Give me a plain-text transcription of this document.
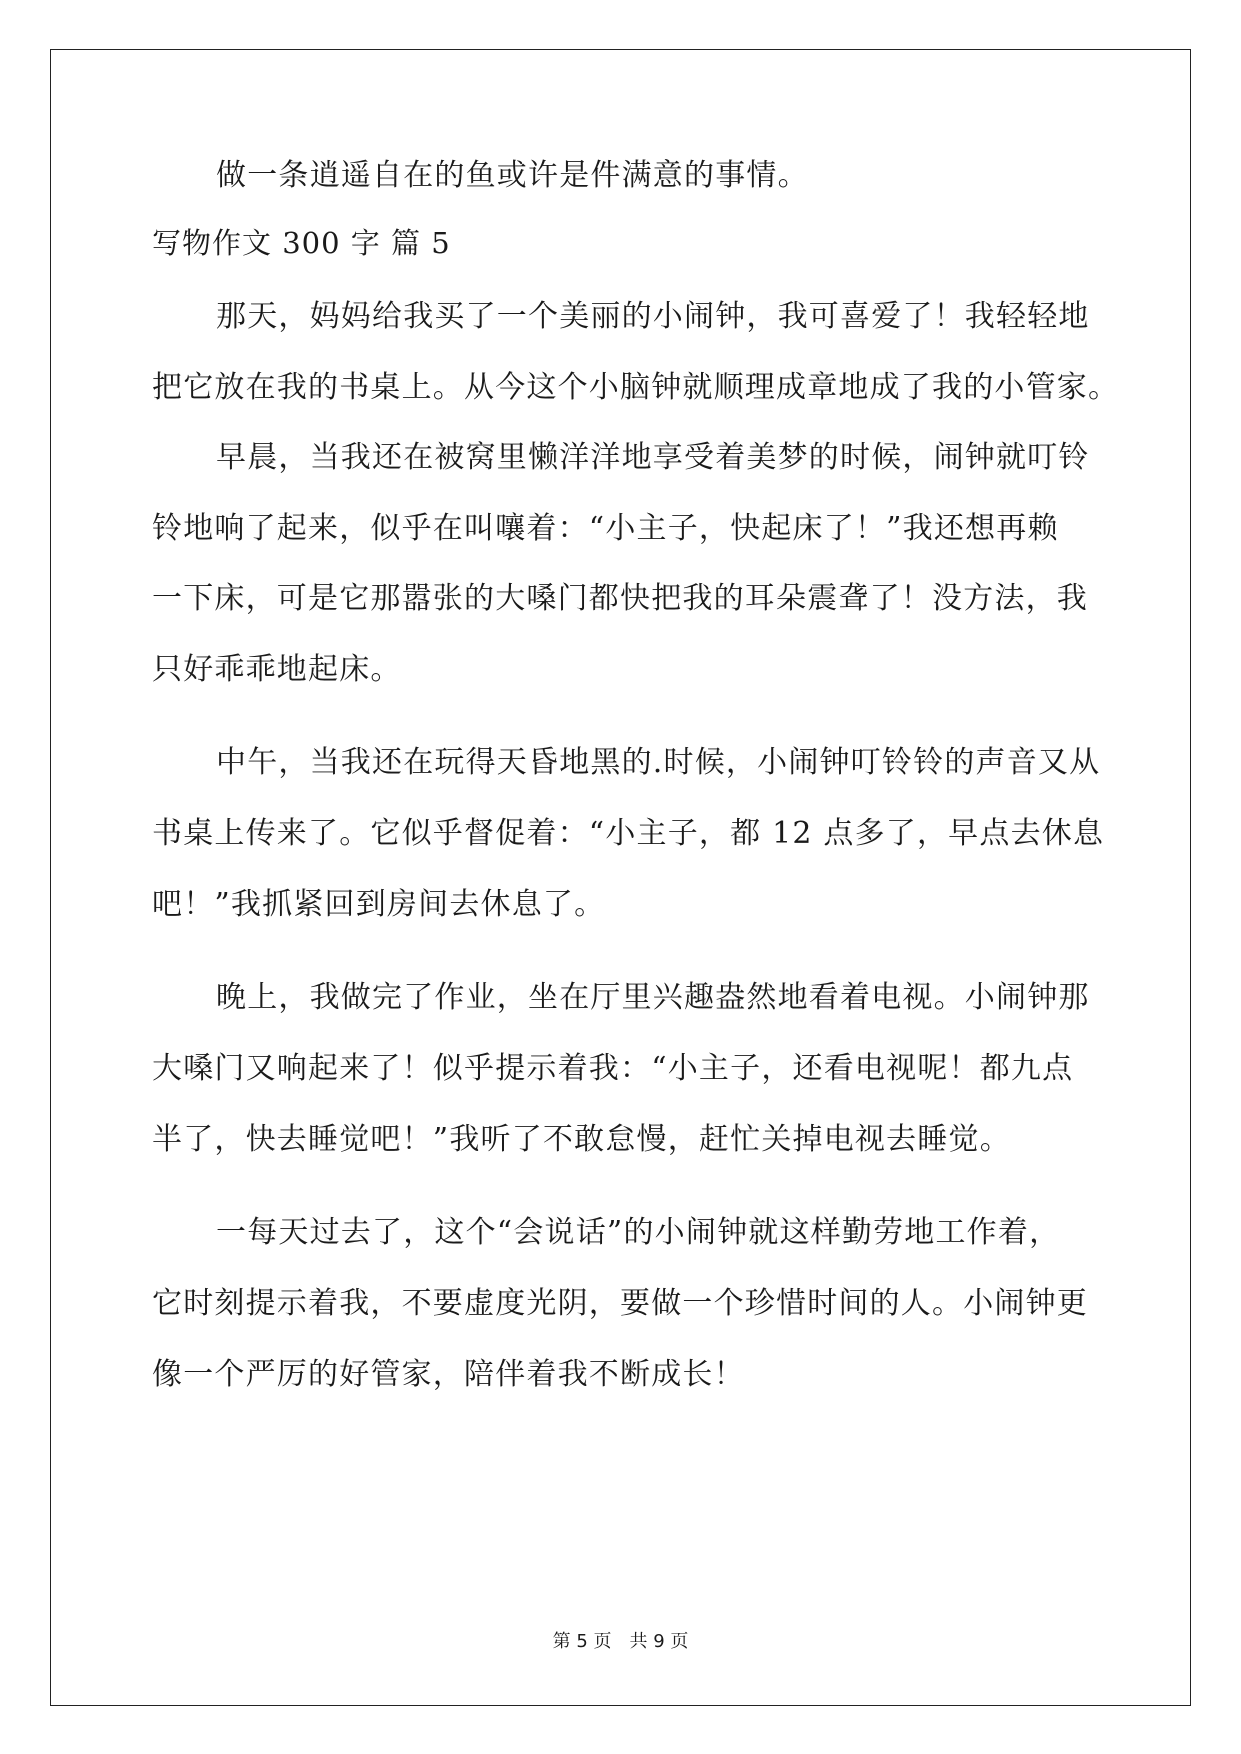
做一条逍遥自在的鱼或许是件满意的事情。
写物作文 300 字 篇 5
那天，妈妈给我买了一个美丽的小闹钟，我可喜爱了！我轻轻地
把它放在我的书桌上。从今这个小脑钟就顺理成章地成了我的小管家。
早晨，当我还在被窝里懒洋洋地享受着美梦的时候，闹钟就叮铃
铃地响了起来，似乎在叫嚷着：“小主子，快起床了！”我还想再赖
一下床，可是它那嚣张的大嗓门都快把我的耳朵震聋了！没方法，我
只好乖乖地起床。
中午，当我还在玩得天昏地黑的.时候，小闹钟叮铃铃的声音又从
书桌上传来了。它似乎督促着：“小主子，都 12 点多了，早点去休息
吧！”我抓紧回到房间去休息了。
晚上，我做完了作业，坐在厅里兴趣盎然地看着电视。小闹钟那
大嗓门又响起来了！似乎提示着我：“小主子，还看电视呢！都九点
半了，快去睡觉吧！”我听了不敢怠慢，赶忙关掉电视去睡觉。
一每天过去了，这个“会说话”的小闹钟就这样勤劳地工作着，
它时刻提示着我，不要虚度光阴，要做一个珍惜时间的人。小闹钟更
像一个严厉的好管家，陪伴着我不断成长！
第 5 页 共 9 页
